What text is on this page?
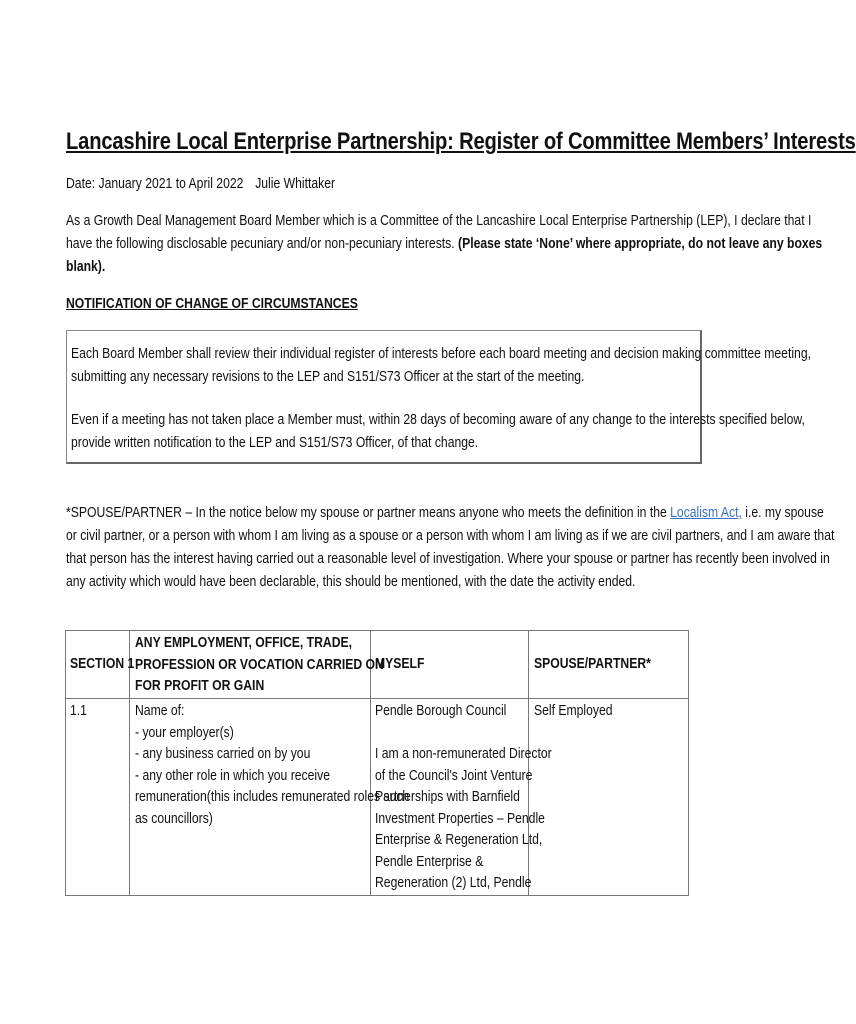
Lancashire Local Enterprise Partnership: Register of Committee Members’ Interests
Date: January 2021 to April 2022 Julie Whittaker
As a Growth Deal Management Board Member which is a Committee of the Lancashire Local Enterprise Partnership (LEP), I declare that I
have the following disclosable pecuniary and/or non-pecuniary interests. (Please state ‘None’ where appropriate, do not leave any boxes
blank).
NOTIFICATION OF CHANGE OF CIRCUMSTANCES
Each Board Member shall review their individual register of interests before each board meeting and decision making committee meeting,
submitting any necessary revisions to the LEP and S151/S73 Officer at the start of the meeting.
Even if a meeting has not taken place a Member must, within 28 days of becoming aware of any change to the interests specified below,
provide written notification to the LEP and S151/S73 Officer, of that change.
*SPOUSE/PARTNER – In the notice below my spouse or partner means anyone who meets the definition in the Localism Act, i.e. my spouse
or civil partner, or a person with whom I am living as a spouse or a person with whom I am living as if we are civil partners, and I am aware that
that person has the interest having carried out a reasonable level of investigation. Where your spouse or partner has recently been involved in
any activity which would have been declarable, this should be mentioned, with the date the activity ended.
SECTION 1
ANY EMPLOYMENT, OFFICE, TRADE,
PROFESSION OR VOCATION CARRIED ON
FOR PROFIT OR GAIN
MYSELF	SPOUSE/PARTNER*
1.1	Name of:
- your employer(s)
- any business carried on by you
- any other role in which you receive
remuneration(this includes remunerated roles such
as councillors)
Pendle Borough Council
I am a non-remunerated Director
of the Council's Joint Venture
Partnerships with Barnfield
Investment Properties – Pendle
Enterprise & Regeneration Ltd,
Pendle Enterprise &
Regeneration (2) Ltd, Pendle
Self Employed
